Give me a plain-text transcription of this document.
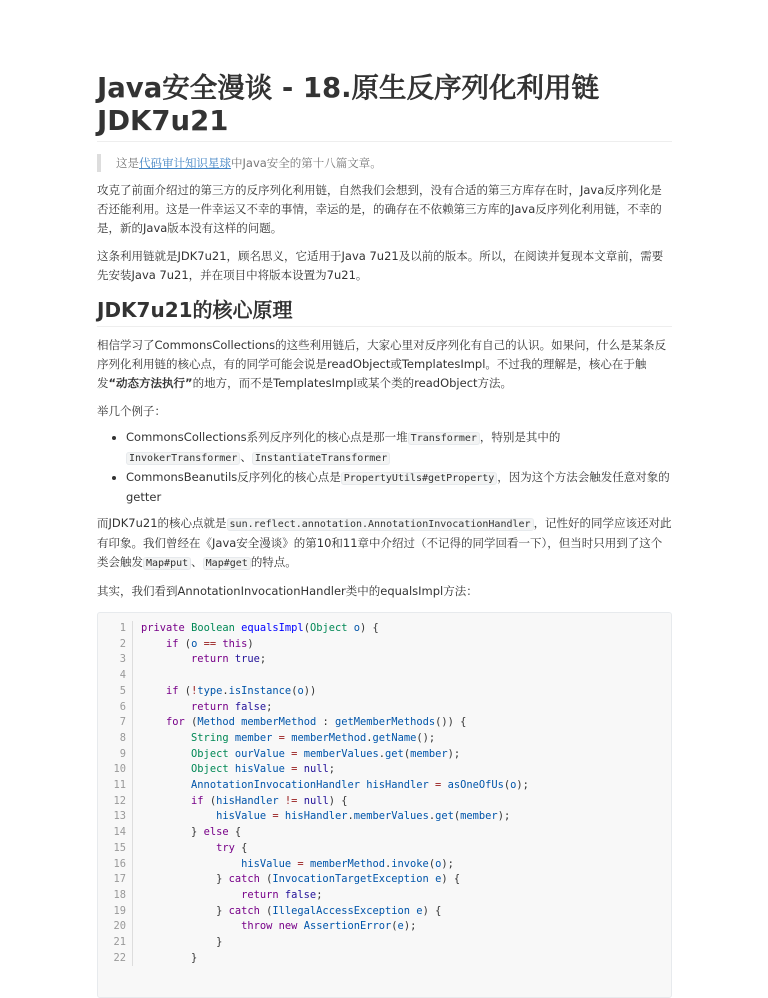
Java安全漫谈 - 18.原生反序列化利用链 JDK7u21
这是代码审计知识星球中Java安全的第十八篇文章。

攻克了前面介绍过的第三方的反序列化利用链，自然我们会想到，没有合适的第三方库存在时，Java反序列化是否还能利用。这是一件幸运又不幸的事情，幸运的是，的确存在不依赖第三方库的Java反序列化利用链，不幸的是，新的Java版本没有这样的问题。

这条利用链就是JDK7u21，顾名思义，它适用于Java 7u21及以前的版本。所以，在阅读并复现本文章前，需要先安装Java 7u21，并在项目中将版本设置为7u21。

JDK7u21的核心原理

相信学习了CommonsCollections的这些利用链后，大家心里对反序列化有自己的认识。如果问，什么是某条反序列化利用链的核心点，有的同学可能会说是readObject或TemplatesImpl。不过我的理解是，核心在于触发“动态方法执行”的地方，而不是TemplatesImpl或某个类的readObject方法。

举几个例子：

• CommonsCollections系列反序列化的核心点是那一堆 Transformer ，特别是其中的InvokerTransformer 、 InstantiateTransformer
• CommonsBeanutils反序列化的核心点是 PropertyUtils#getProperty ，因为这个方法会触发任意对象的getter

而JDK7u21的核心点就是 sun.reflect.annotation.AnnotationInvocationHandler ，记性好的同学应该还对此有印象。我们曾经在《Java安全漫谈》的第10和11章中介绍过（不记得的同学回看一下），但当时只用到了这个类会触发 Map#put 、 Map#get 的特点。

其实，我们看到AnnotationInvocationHandler类中的equalsImpl方法：

1	private Boolean equalsImpl(Object o) {
2	if (o == this)
3	return true;
4

5	if (!type.isInstance(o))
6	return false;
7	for (Method memberMethod : getMemberMethods()) {
8	String member = memberMethod.getName();
9	Object ourValue = memberValues.get(member);
10	Object hisValue = null;
11	AnnotationInvocationHandler hisHandler = asOneOfUs(o);
12	if (hisHandler != null) {
13	hisValue = hisHandler.memberValues.get(member);
14	} else {
15	try {
16	hisValue = memberMethod.invoke(o);
17	} catch (InvocationTargetException e) {
18	return false;
19	} catch (IllegalAccessException e) {
20	throw new AssertionError(e);
21	}
22	}
